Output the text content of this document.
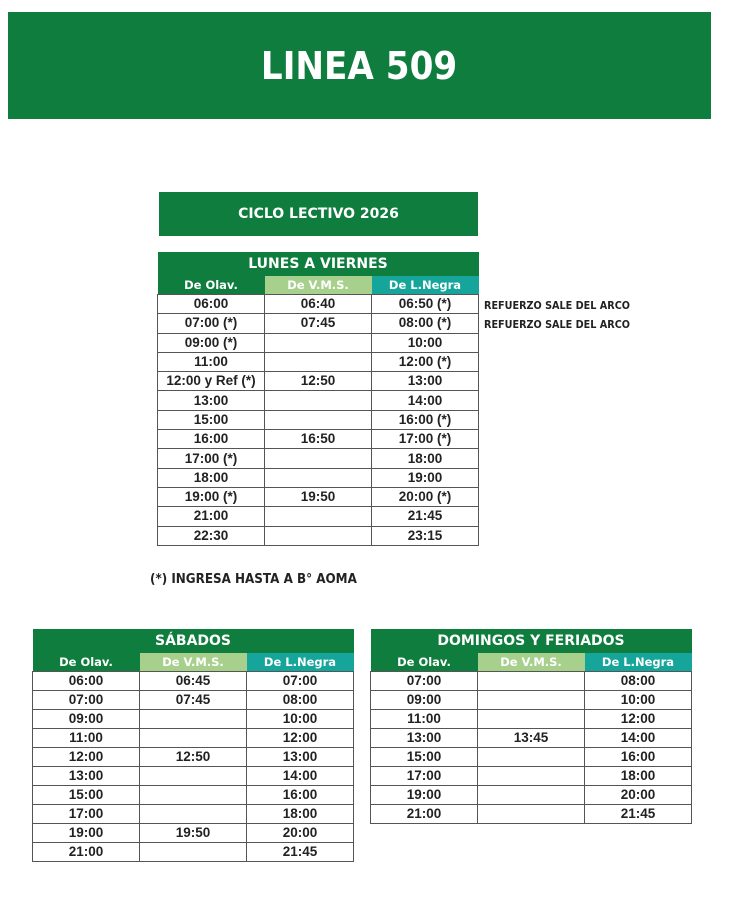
LINEA 509
CICLO LECTIVO 2026
LUNES A VIERNES		
De Olav.	De V.M.S.	De L.Negra
06:00	06:40	06:50 (*)
07:00 (*)	07:45	08:00 (*)
09:00 (*)		10:00
11:00		12:00 (*)
12:00 y Ref (*)	12:50	13:00
13:00		14:00
15:00		16:00 (*)
16:00	16:50	17:00 (*)
17:00 (*)		18:00
18:00		19:00
19:00 (*)	19:50	20:00 (*)
21:00		21:45
22:30		23:15
REFUERZO SALE DEL ARCO
REFUERZO SALE DEL ARCO
(*) INGRESA HASTA A B° AOMA
SÁBADOS		
De Olav.	De V.M.S.	De L.Negra
06:00	06:45	07:00
07:00	07:45	08:00
09:00		10:00
11:00		12:00
12:00	12:50	13:00
13:00		14:00
15:00		16:00
17:00		18:00
19:00	19:50	20:00
21:00		21:45
DOMINGOS Y FERIADOS		
De Olav.	De V.M.S.	De L.Negra
07:00		08:00
09:00		10:00
11:00		12:00
13:00	13:45	14:00
15:00		16:00
17:00		18:00
19:00		20:00
21:00		21:45
